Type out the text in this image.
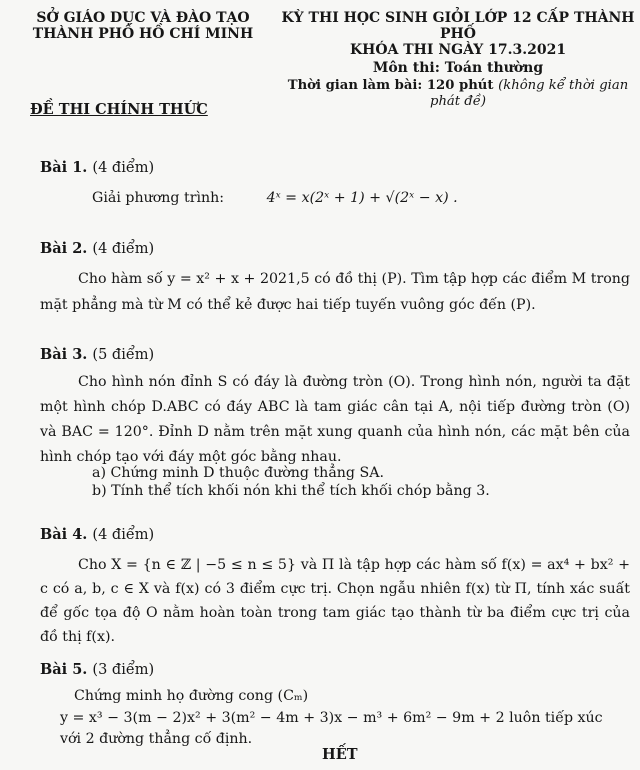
SỞ GIÁO DỤC VÀ ĐÀO TẠO
THÀNH PHỐ HỒ CHÍ MINH
KỲ THI HỌC SINH GIỎI LỚP 12 CẤP THÀNH PHỐ
KHÓA THI NGÀY 17.3.2021
Môn thi: Toán thường
Thời gian làm bài: 120 phút (không kể thời gian phát đề)
ĐỀ THI CHÍNH THỨC
Bài 1. (4 điểm)
Giải phương trình:	4ˣ = x(2ˣ + 1) + √(2ˣ − x) .
Bài 2. (4 điểm)
Cho hàm số y = x² + x + 2021,5 có đồ thị (P). Tìm tập hợp các điểm M trong mặt phẳng mà từ M có thể kẻ được hai tiếp tuyến vuông góc đến (P).
Bài 3. (5 điểm)
Cho hình nón đỉnh S có đáy là đường tròn (O). Trong hình nón, người ta đặt một hình chóp D.ABC có đáy ABC là tam giác cân tại A, nội tiếp đường tròn (O) và BAC = 120°. Đỉnh D nằm trên mặt xung quanh của hình nón, các mặt bên của hình chóp tạo với đáy một góc bằng nhau.
a) Chứng minh D thuộc đường thẳng SA.
b) Tính thể tích khối nón khi thể tích khối chóp bằng 3.
Bài 4. (4 điểm)
Cho X = {n ∈ ℤ | −5 ≤ n ≤ 5} và Π là tập hợp các hàm số f(x) = ax⁴ + bx² + c có a, b, c ∈ X và f(x) có 3 điểm cực trị. Chọn ngẫu nhiên f(x) từ Π, tính xác suất để gốc tọa độ O nằm hoàn toàn trong tam giác tạo thành từ ba điểm cực trị của đồ thị f(x).
Bài 5. (3 điểm)
Chứng minh họ đường cong (Cₘ)
y = x³ − 3(m − 2)x² + 3(m² − 4m + 3)x − m³ + 6m² − 9m + 2 luôn tiếp xúc với 2 đường thẳng cố định.
HẾT
